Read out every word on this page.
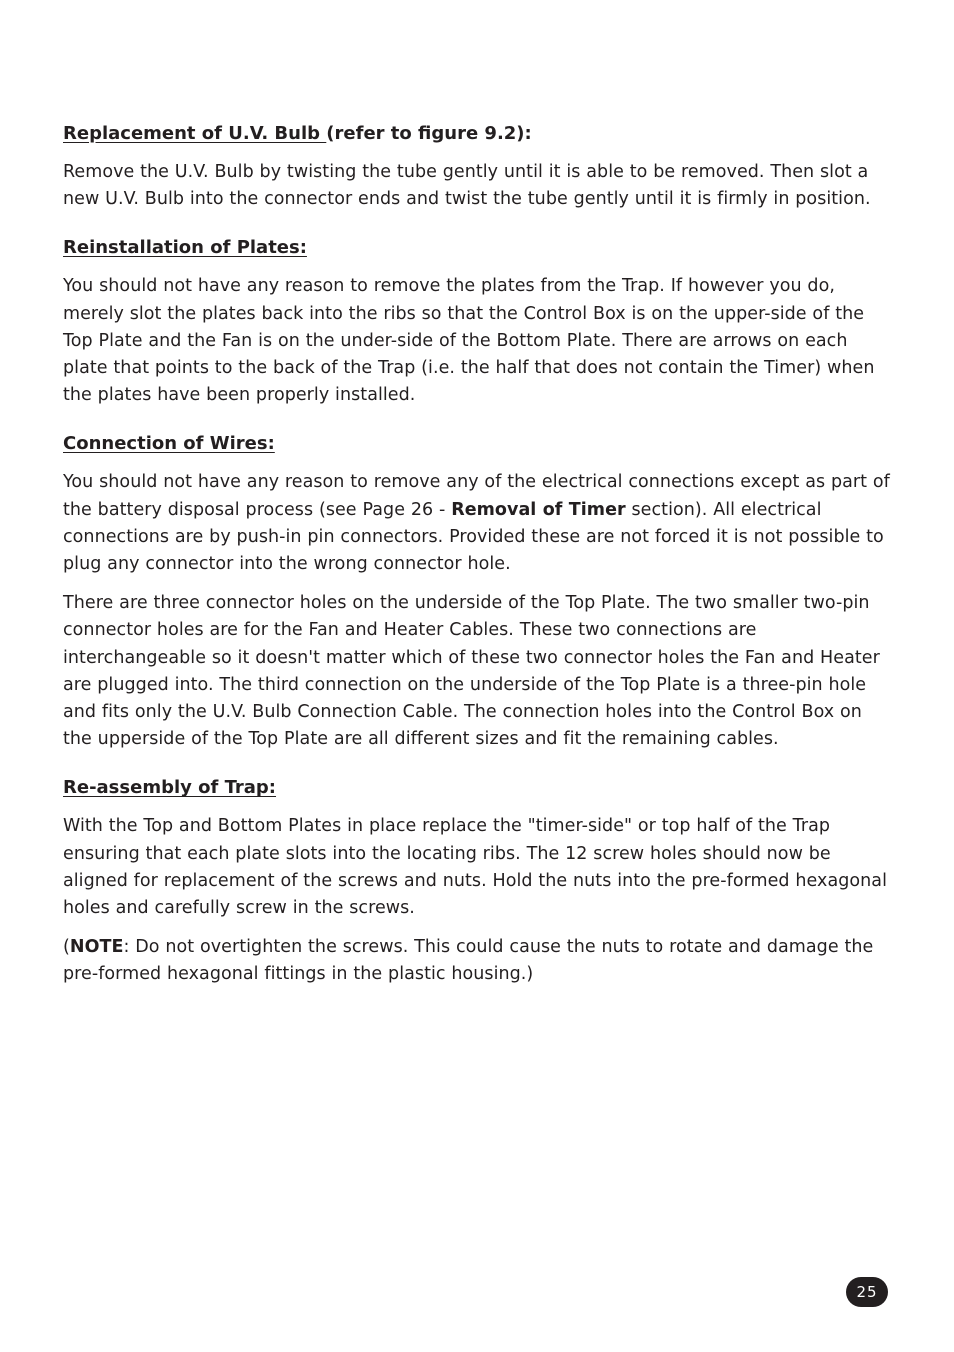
Replacement of U.V. Bulb (refer to figure 9.2):

Remove the U.V. Bulb by twisting the tube gently until it is able to be removed. Then slot a new U.V. Bulb into the connector ends and twist the tube gently until it is firmly in position.

Reinstallation of Plates:

You should not have any reason to remove the plates from the Trap. If however you do, merely slot the plates back into the ribs so that the Control Box is on the upper-side of the Top Plate and the Fan is on the under-side of the Bottom Plate. There are arrows on each plate that points to the back of the Trap (i.e. the half that does not contain the Timer) when the plates have been properly installed.

Connection of Wires:

You should not have any reason to remove any of the electrical connections except as part of the battery disposal process (see Page 26 - Removal of Timer section). All electrical connections are by push-in pin connectors. Provided these are not forced it is not possible to plug any connector into the wrong connector hole.

There are three connector holes on the underside of the Top Plate. The two smaller two-pin connector holes are for the Fan and Heater Cables. These two connections are interchangeable so it doesn't matter which of these two connector holes the Fan and Heater are plugged into. The third connection on the underside of the Top Plate is a three-pin hole and fits only the U.V. Bulb Connection Cable. The connection holes into the Control Box on the upperside of the Top Plate are all different sizes and fit the remaining cables.

Re-assembly of Trap:

With the Top and Bottom Plates in place replace the "timer-side" or top half of the Trap ensuring that each plate slots into the locating ribs. The 12 screw holes should now be aligned for replacement of the screws and nuts. Hold the nuts into the pre-formed hexagonal holes and carefully screw in the screws.

(NOTE: Do not overtighten the screws. This could cause the nuts to rotate and damage the pre-formed hexagonal fittings in the plastic housing.)

25
